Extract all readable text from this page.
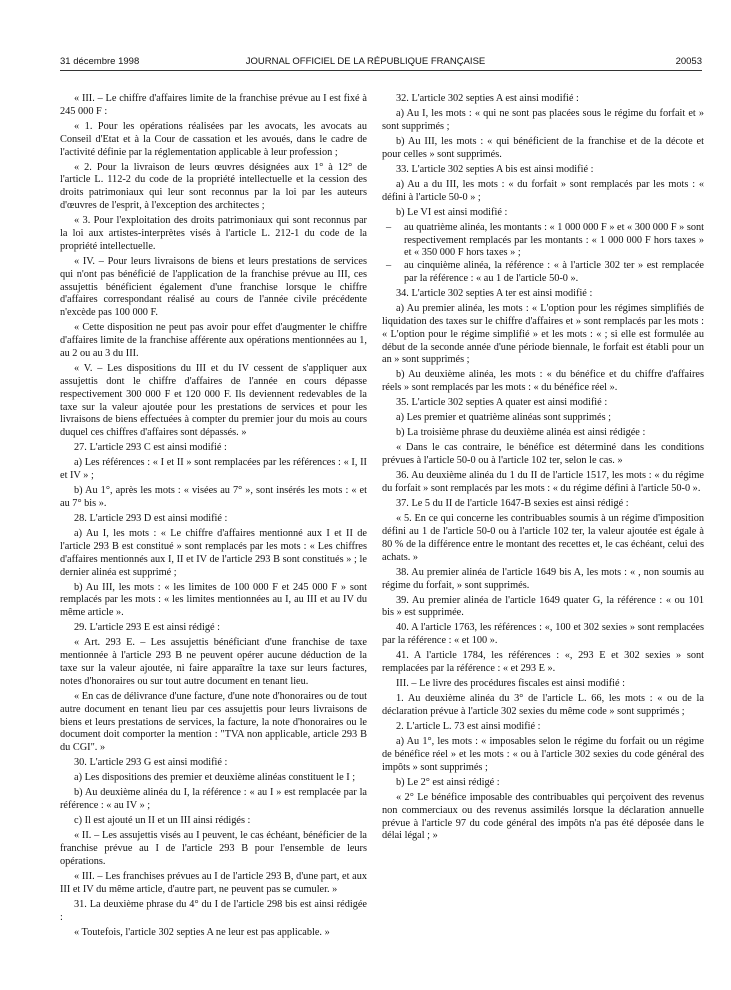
31 décembre 1998	JOURNAL OFFICIEL DE LA RÉPUBLIQUE FRANÇAISE	20053

« III. – Le chiffre d'affaires limite de la franchise prévue au I est fixé à 245 000 F :

« 1. Pour les opérations réalisées par les avocats, les avocats au Conseil d'Etat et à la Cour de cassation et les avoués, dans le cadre de l'activité définie par la réglementation applicable à leur profession ;

« 2. Pour la livraison de leurs œuvres désignées aux 1° à 12° de l'article L. 112-2 du code de la propriété intellectuelle et la cession des droits patrimoniaux qui leur sont reconnus par la loi par les auteurs d'œuvres de l'esprit, à l'exception des architectes ;

« 3. Pour l'exploitation des droits patrimoniaux qui sont reconnus par la loi aux artistes-interprètes visés à l'article L. 212-1 du code de la propriété intellectuelle.

« IV. – Pour leurs livraisons de biens et leurs prestations de services qui n'ont pas bénéficié de l'application de la franchise prévue au III, ces assujettis bénéficient également d'une franchise lorsque le chiffre d'affaires correspondant réalisé au cours de l'année civile précédente n'excède pas 100 000 F.

« Cette disposition ne peut pas avoir pour effet d'augmenter le chiffre d'affaires limite de la franchise afférente aux opérations mentionnées au 1, au 2 ou au 3 du III.

« V. – Les dispositions du III et du IV cessent de s'appliquer aux assujettis dont le chiffre d'affaires de l'année en cours dépasse respectivement 300 000 F et 120 000 F. Ils deviennent redevables de la taxe sur la valeur ajoutée pour les prestations de services et pour les livraisons de biens effectuées à compter du premier jour du mois au cours duquel ces chiffres d'affaires sont dépassés. »

27. L'article 293 C est ainsi modifié :

a) Les références : « I et II » sont remplacées par les références : « I, II et IV » ;

b) Au 1°, après les mots : « visées au 7° », sont insérés les mots : « et au 7° bis ».

28. L'article 293 D est ainsi modifié :

a) Au I, les mots : « Le chiffre d'affaires mentionné aux I et II de l'article 293 B est constitué » sont remplacés par les mots : « Les chiffres d'affaires mentionnés aux I, II et IV de l'article 293 B sont constitués » ; le dernier alinéa est supprimé ;

b) Au III, les mots : « les limites de 100 000 F et 245 000 F » sont remplacés par les mots : « les limites mentionnées au I, au III et au IV du même article ».

29. L'article 293 E est ainsi rédigé :

« Art. 293 E. – Les assujettis bénéficiant d'une franchise de taxe mentionnée à l'article 293 B ne peuvent opérer aucune déduction de la taxe sur la valeur ajoutée, ni faire apparaître la taxe sur leurs factures, notes d'honoraires ou sur tout autre document en tenant lieu.

« En cas de délivrance d'une facture, d'une note d'honoraires ou de tout autre document en tenant lieu par ces assujettis pour leurs livraisons de biens et leurs prestations de services, la facture, la note d'honoraires ou le document doit comporter la mention : "TVA non applicable, article 293 B du CGI". »

30. L'article 293 G est ainsi modifié :

a) Les dispositions des premier et deuxième alinéas constituent le I ;

b) Au deuxième alinéa du I, la référence : « au I » est remplacée par la référence : « au IV » ;

c) Il est ajouté un II et un III ainsi rédigés :

« II. – Les assujettis visés au I peuvent, le cas échéant, bénéficier de la franchise prévue au I de l'article 293 B pour l'ensemble de leurs opérations.

« III. – Les franchises prévues au I de l'article 293 B, d'une part, et aux III et IV du même article, d'autre part, ne peuvent pas se cumuler. »

31. La deuxième phrase du 4° du I de l'article 298 bis est ainsi rédigée :

« Toutefois, l'article 302 septies A ne leur est pas applicable. »

32. L'article 302 septies A est ainsi modifié :

a) Au I, les mots : « qui ne sont pas placées sous le régime du forfait et » sont supprimés ;

b) Au III, les mots : « qui bénéficient de la franchise et de la décote et pour celles » sont supprimés.

33. L'article 302 septies A bis est ainsi modifié :

a) Au a du III, les mots : « du forfait » sont remplacés par les mots : « défini à l'article 50-0 » ;

b) Le VI est ainsi modifié :

– au quatrième alinéa, les montants : « 1 000 000 F » et « 300 000 F » sont respectivement remplacés par les montants : « 1 000 000 F hors taxes » et « 350 000 F hors taxes » ;
– au cinquième alinéa, la référence : « à l'article 302 ter » est remplacée par la référence : « au 1 de l'article 50-0 ».

34. L'article 302 septies A ter est ainsi modifié :

a) Au premier alinéa, les mots : « L'option pour les régimes simplifiés de liquidation des taxes sur le chiffre d'affaires et » sont remplacés par les mots : « L'option pour le régime simplifié » et les mots : « ; si elle est formulée au début de la seconde année d'une période biennale, le forfait est établi pour un an » sont supprimés ;

b) Au deuxième alinéa, les mots : « du bénéfice et du chiffre d'affaires réels » sont remplacés par les mots : « du bénéfice réel ».

35. L'article 302 septies A quater est ainsi modifié :

a) Les premier et quatrième alinéas sont supprimés ;

b) La troisième phrase du deuxième alinéa est ainsi rédigée :

« Dans le cas contraire, le bénéfice est déterminé dans les conditions prévues à l'article 50-0 ou à l'article 102 ter, selon le cas. »

36. Au deuxième alinéa du 1 du II de l'article 1517, les mots : « du régime du forfait » sont remplacés par les mots : « du régime défini à l'article 50-0 ».

37. Le 5 du II de l'article 1647-B sexies est ainsi rédigé :

« 5. En ce qui concerne les contribuables soumis à un régime d'imposition défini au 1 de l'article 50-0 ou à l'article 102 ter, la valeur ajoutée est égale à 80 % de la différence entre le montant des recettes et, le cas échéant, celui des achats. »

38. Au premier alinéa de l'article 1649 bis A, les mots : « , non soumis au régime du forfait, » sont supprimés.

39. Au premier alinéa de l'article 1649 quater G, la référence : « ou 101 bis » est supprimée.

40. A l'article 1763, les références : «, 100 et 302 sexies » sont remplacées par la référence : « et 100 ».

41. A l'article 1784, les références : «, 293 E et 302 sexies » sont remplacées par la référence : « et 293 E ».

III. – Le livre des procédures fiscales est ainsi modifié :

1. Au deuxième alinéa du 3° de l'article L. 66, les mots : « ou de la déclaration prévue à l'article 302 sexies du même code » sont supprimés ;

2. L'article L. 73 est ainsi modifié :

a) Au 1°, les mots : « imposables selon le régime du forfait ou un régime de bénéfice réel » et les mots : « ou à l'article 302 sexies du code général des impôts » sont supprimés ;

b) Le 2° est ainsi rédigé :

« 2° Le bénéfice imposable des contribuables qui perçoivent des revenus non commerciaux ou des revenus assimilés lorsque la déclaration annuelle prévue à l'article 97 du code général des impôts n'a pas été déposée dans le délai légal ; »
